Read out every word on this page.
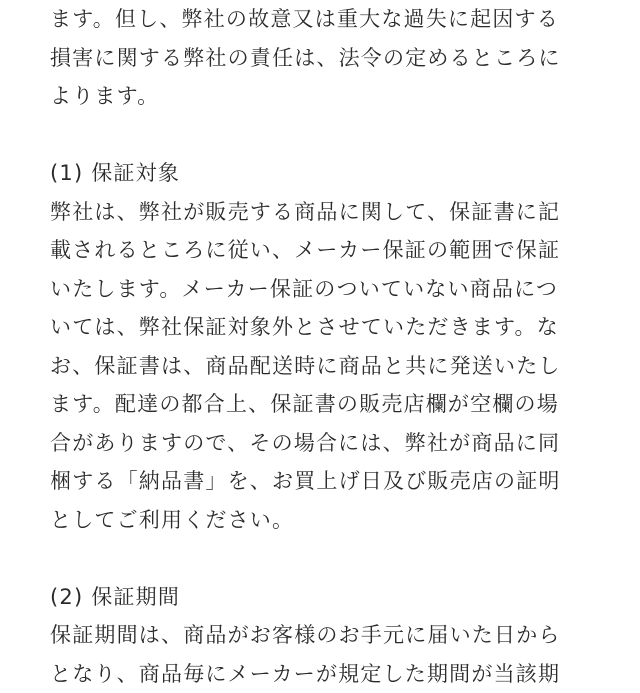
ます。但し、弊社の故意又は重大な過失に起因する
損害に関する弊社の責任は、法令の定めるところに
よります。
(1) 保証対象
弊社は、弊社が販売する商品に関して、保証書に記
載されるところに従い、メーカー保証の範囲で保証
いたします。メーカー保証のついていない商品につ
いては、弊社保証対象外とさせていただきます。な
お、保証書は、商品配送時に商品と共に発送いたし
ます。配達の都合上、保証書の販売店欄が空欄の場
合がありますので、その場合には、弊社が商品に同
梱する「納品書」を、お買上げ日及び販売店の証明
としてご利用ください。
(2) 保証期間
保証期間は、商品がお客様のお手元に届いた日から
となり、商品毎にメーカーが規定した期間が当該期
